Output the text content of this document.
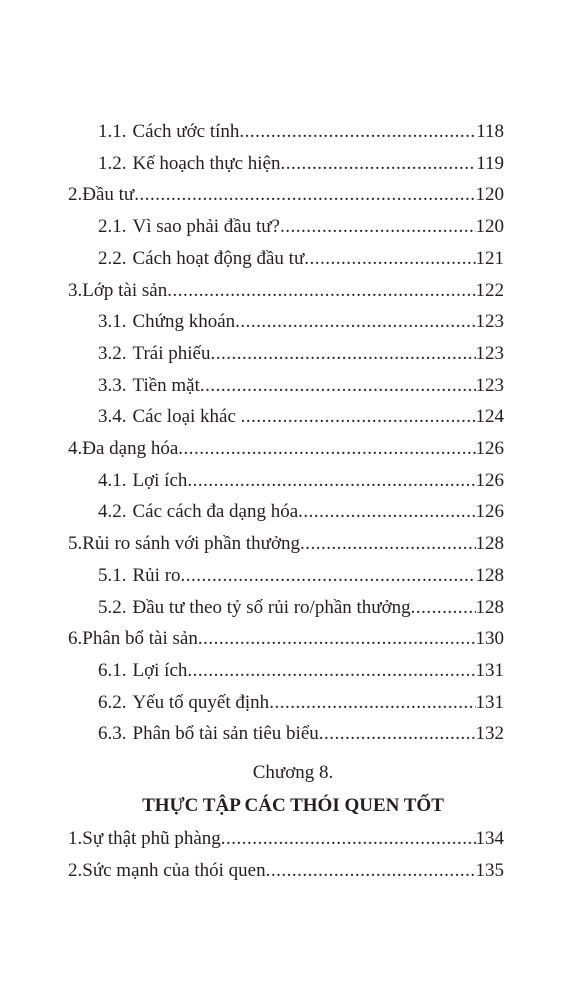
1.1. Cách ước tính .....	118
1.2. Kế hoạch thực hiện .....	119
2. Đầu tư .....	120
2.1. Vì sao phải đầu tư? .....	120
2.2. Cách hoạt động đầu tư .....	121
3. Lớp tài sản .....	122
3.1. Chứng khoán .....	123
3.2. Trái phiếu .....	123
3.3. Tiền mặt .....	123
3.4. Các loại khác .....	124
4. Đa dạng hóa .....	126
4.1. Lợi ích .....	126
4.2. Các cách đa dạng hóa .....	126
5. Rủi ro sánh với phần thưởng .....	128
5.1. Rủi ro .....	128
5.2. Đầu tư theo tỷ số rủi ro/phần thưởng .....	128
6. Phân bổ tài sản .....	130
6.1. Lợi ích .....	131
6.2. Yếu tố quyết định .....	131
6.3. Phân bổ tài sản tiêu biểu .....	132
1. Sự thật phũ phàng .....	134
2. Sức mạnh của thói quen .....	135
Chương 8.
THỰC TẬP CÁC THÓI QUEN TỐT
